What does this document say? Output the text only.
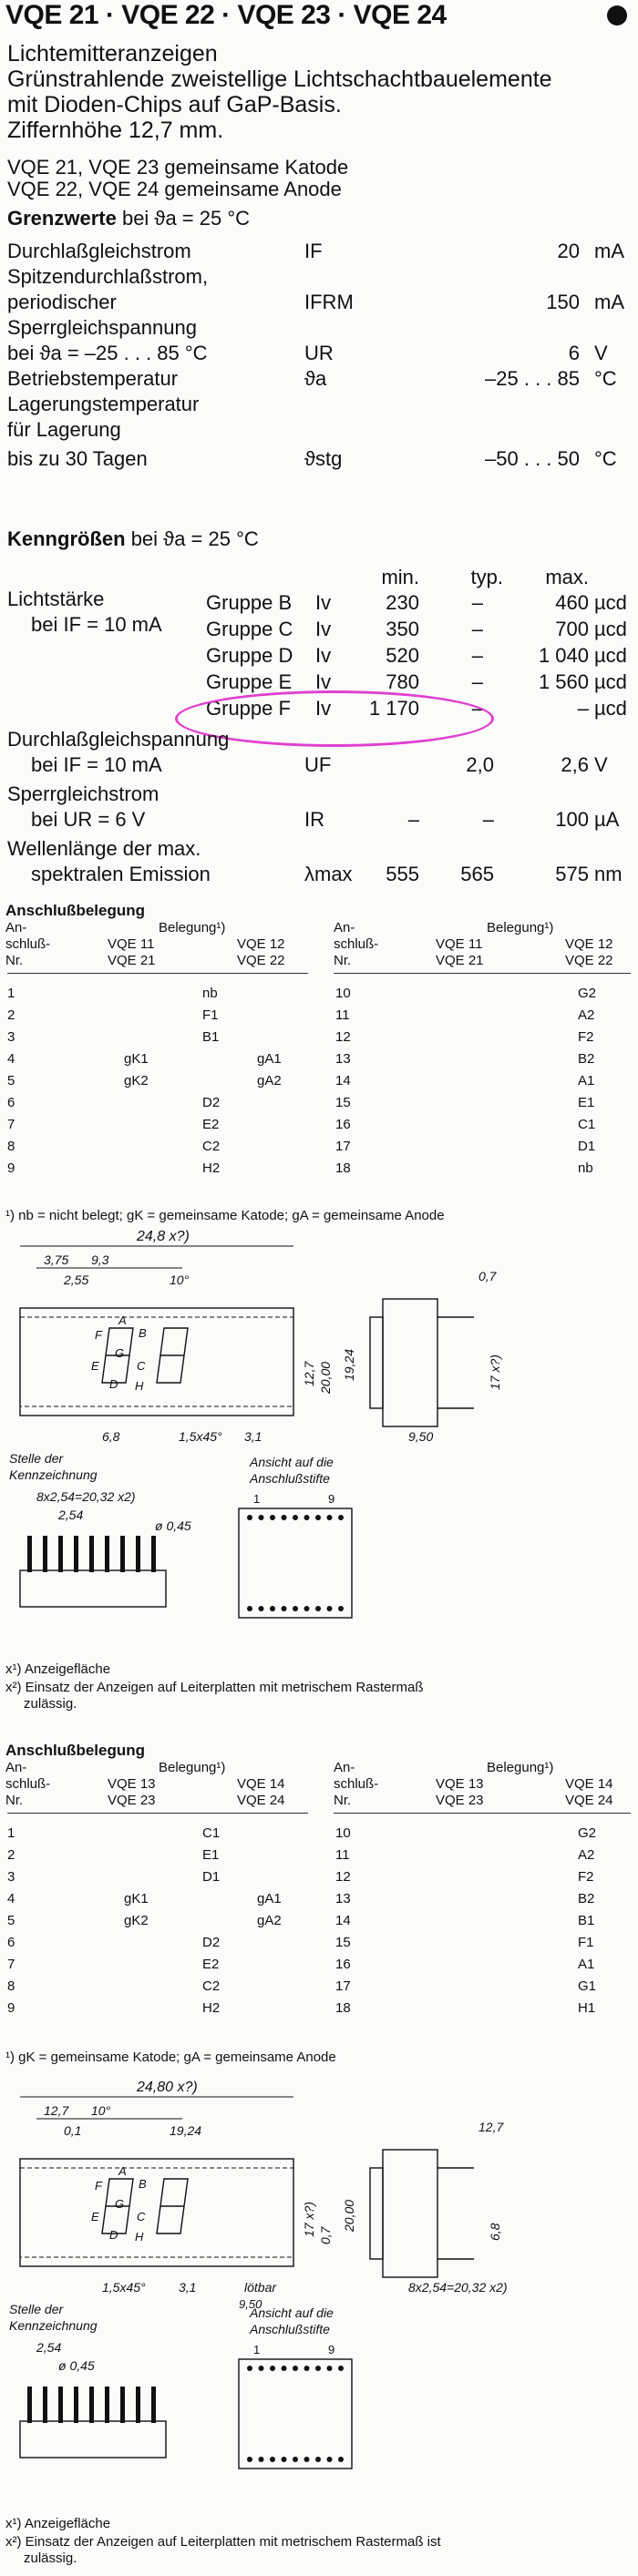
VQE 21 · VQE 22 · VQE 23 · VQE 24
Lichtemitteranzeigen
Grünstrahlende zweistellige Lichtschachtbauelemente
mit Dioden-Chips auf GaP-Basis.
Ziffernhöhe 12,7 mm.
VQE 21, VQE 23 gemeinsame Katode
VQE 22, VQE 24 gemeinsame Anode
Grenzwerte bei ϑa = 25 °C
Durchlaßgleichstrom	IF	20 mA
Spitzendurchlaßstrom,
periodischer	IFRM	150 mA
Sperrgleichspannung
bei ϑa = –25 . . . 85 °C	UR	6 V
Betriebstemperatur	ϑa	–25 . . . 85 °C
Lagerungstemperatur
für Lagerung
bis zu 30 Tagen	ϑstg	–50 . . . 50 °C
Kenngrößen bei ϑa = 25 °C
min.	typ.	max.
Lichtstärke
bei IF = 10 mA
Gruppe B Iv	230	–	460 µcd
Gruppe C Iv	350	–	700 µcd
Gruppe D Iv	520	–	1 040 µcd
Gruppe E Iv	780	–	1 560 µcd
Gruppe F Iv	1 170	–	– µcd
Durchlaßgleichspannung
bei IF = 10 mA	UF	2,0	2,6 V
Sperrgleichstrom
bei UR = 6 V	IR	–	–	100 µA
Wellenlänge der max.
spektralen Emission	λmax	555	565	575 nm
Anschlußbelegung
An-
schluß-
Nr.
Belegung¹)
VQE 11	VQE 12
VQE 21	VQE 22
An-
schluß-
Nr.
Belegung¹)
VQE 11	VQE 12
VQE 21	VQE 22
1	nb
2	F1
3	B1
4	gK1	gA1
5	gK2	gA2
6	D2
7	E2
8	C2
9	H2
10	G2
11	A2
12	F2
13	B2
14	A1
15	E1
16	C1
17	D1
18	nb
¹) nb = nicht belegt; gK = gemeinsame Katode; gA = gemeinsame Anode
A
B
C
D
E
F
G
H
24,8 x?)
3,75 9,3
2,55	10°	0,7
19,24
12,7 20,00	17 x?)
6,8	1,5x45° 3,1	9,50
Stelle der
Kennzeichnung
8x2,54=20,32 x2)
2,54
ø 0,45
Ansicht auf die
Anschlußstifte
1	9
x¹) Anzeigefläche
x²) Einsatz der Anzeigen auf Leiterplatten mit metrischem Rastermaß
zulässig.
Anschlußbelegung
An-
schluß-
Nr.
Belegung¹)
VQE 13	VQE 14
VQE 23	VQE 24
An-
schluß-
Nr.
Belegung¹)
VQE 13	VQE 14
VQE 23	VQE 24
1	C1
2	E1
3	D1
4	gK1	gA1
5	gK2	gA2
6	D2
7	E2
8	C2
9	H2
10	G2
11	A2
12	F2
13	B2
14	B1
15	F1
16	A1
17	G1
18	H1
¹) gK = gemeinsame Katode; gA = gemeinsame Anode
A
B
C
D
E
F
G
H
24,80 x?)
12,7 10°
0,1	19,24	12,7
20,00
17 x?) 0,7	6,8
1,5x45°	3,1	lötbar
9,50
8x2,54=20,32 x2)
Stelle der
Kennzeichnung
2,54
ø 0,45
Ansicht auf die
Anschlußstifte
1	9
x¹) Anzeigefläche
x²) Einsatz der Anzeigen auf Leiterplatten mit metrischem Rastermaß ist
zulässig.
